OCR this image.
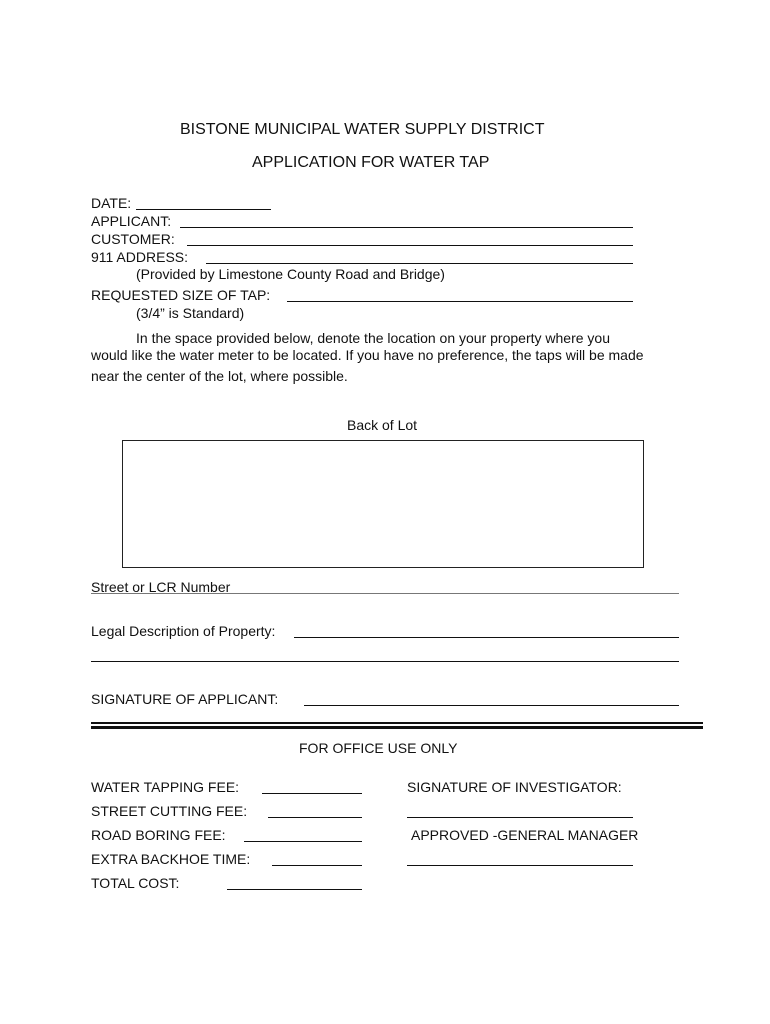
BISTONE MUNICIPAL WATER SUPPLY DISTRICT
APPLICATION FOR WATER TAP
DATE:
APPLICANT:
CUSTOMER:
911 ADDRESS:
(Provided by Limestone County Road and Bridge)
REQUESTED SIZE OF TAP:
(3/4” is Standard)
In the space provided below, denote the location on your property where you
would like the water meter to be located. If you have no preference, the taps will be made
near the center of the lot, where possible.
Back of Lot
Street or LCR Number
Legal Description of Property:
SIGNATURE OF APPLICANT:
FOR OFFICE USE ONLY
WATER TAPPING FEE:
STREET CUTTING FEE:
ROAD BORING FEE:
EXTRA BACKHOE TIME:
TOTAL COST:
SIGNATURE OF INVESTIGATOR:
APPROVED -GENERAL MANAGER
